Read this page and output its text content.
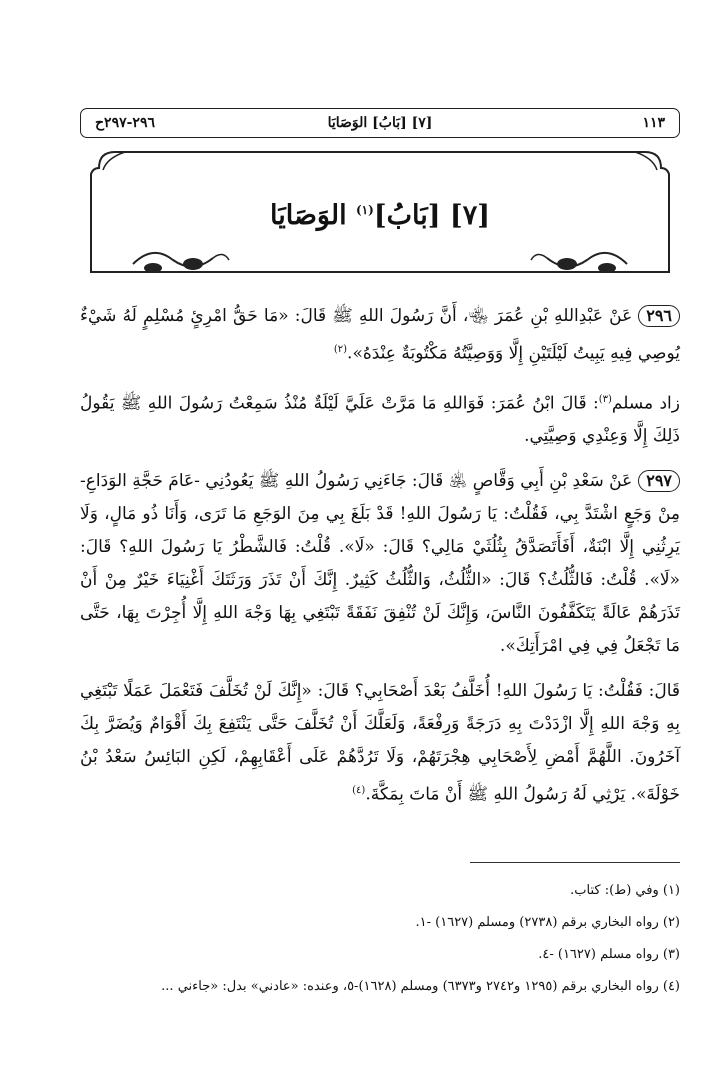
١١٣
[٧] [بَابُ] الوَصَايَا
٢٩٦-٢٩٧ح
[٧] [بَابُ]$^{(١)}$ الوَصَايَا

٢٩٦عَنْ عَبْدِاللهِ بْنِ عُمَرَ ﵄، أَنَّ رَسُولَ اللهِ ﷺ قَالَ: «مَا حَقُّ امْرِئٍ مُسْلِمٍ لَهُ شَيْءٌ يُوصِي فِيهِ يَبِيتُ لَيْلَتَيْنِ إِلَّا وَوَصِيَّتُهُ مَكْتُوبَةٌ عِنْدَهُ».$^{(٢)}$

زاد مسلم$^{(٣)}$: قَالَ ابْنُ عُمَرَ: فَوَاللهِ مَا مَرَّتْ عَلَيَّ لَيْلَةٌ مُنْذُ سَمِعْتُ رَسُولَ اللهِ ﷺ يَقُولُ ذَلِكَ إِلَّا وَعِنْدِي وَصِيَّتِي.

٢٩٧عَنْ سَعْدِ بْنِ أَبِي وَقَّاصٍ ﵁ قَالَ: جَاءَنِي رَسُولُ اللهِ ﷺ يَعُودُنِي -عَامَ حَجَّةِ الوَدَاعِ- مِنْ وَجَعٍ اشْتَدَّ بِي، فَقُلْتُ: يَا رَسُولَ اللهِ! قَدْ بَلَغَ بِي مِنَ الوَجَعِ مَا تَرَى، وَأَنَا ذُو مَالٍ، وَلَا يَرِثُنِي إِلَّا ابْنَةٌ، أَفَأَتَصَدَّقُ بِثُلُثَيْ مَالِي؟ قَالَ: «لَا». قُلْتُ: فَالشَّطْرُ يَا رَسُولَ اللهِ؟ قَالَ: «لَا». قُلْتُ: فَالثُّلُثُ؟ قَالَ: «الثُّلُثُ، وَالثُّلُثُ كَثِيرٌ. إِنَّكَ أَنْ تَذَرَ وَرَثَتَكَ أَغْنِيَاءَ خَيْرٌ مِنْ أَنْ تَذَرَهُمْ عَالَةً يَتَكَفَّفُونَ النَّاسَ، وَإِنَّكَ لَنْ تُنْفِقَ نَفَقَةً تَبْتَغِي بِهَا وَجْهَ اللهِ إِلَّا أُجِرْتَ بِهَا، حَتَّى مَا تَجْعَلُ فِي فِي امْرَأَتِكَ».

قَالَ: فَقُلْتُ: يَا رَسُولَ اللهِ! أُخَلَّفُ بَعْدَ أَصْحَابِي؟ قَالَ: «إِنَّكَ لَنْ تُخَلَّفَ فَتَعْمَلَ عَمَلًا تَبْتَغِي بِهِ وَجْهَ اللهِ إِلَّا ازْدَدْتَ بِهِ دَرَجَةً وَرِفْعَةً، وَلَعَلَّكَ أَنْ تُخَلَّفَ حَتَّى يَنْتَفِعَ بِكَ أَقْوَامٌ وَيُضَرَّ بِكَ آخَرُونَ. اللَّهُمَّ أَمْضِ لِأَصْحَابِي هِجْرَتَهُمْ، وَلَا تَرُدَّهُمْ عَلَى أَعْقَابِهِمْ، لَكِنِ البَائِسُ سَعْدُ بْنُ خَوْلَةَ». يَرْثِي لَهُ رَسُولُ اللهِ ﷺ أَنْ مَاتَ بِمَكَّةَ.$^{(٤)}$

(١) وفي (ط): كتاب.

(٢) رواه البخاري برقم (٢٧٣٨) ومسلم (١٦٢٧) -١.

(٣) رواه مسلم (١٦٢٧) -٤.

(٤) رواه البخاري برقم (١٢٩٥ و٢٧٤٢ و٦٣٧٣) ومسلم (١٦٢٨)-٥، وعنده: «عادني» بدل: «جاءني ...
